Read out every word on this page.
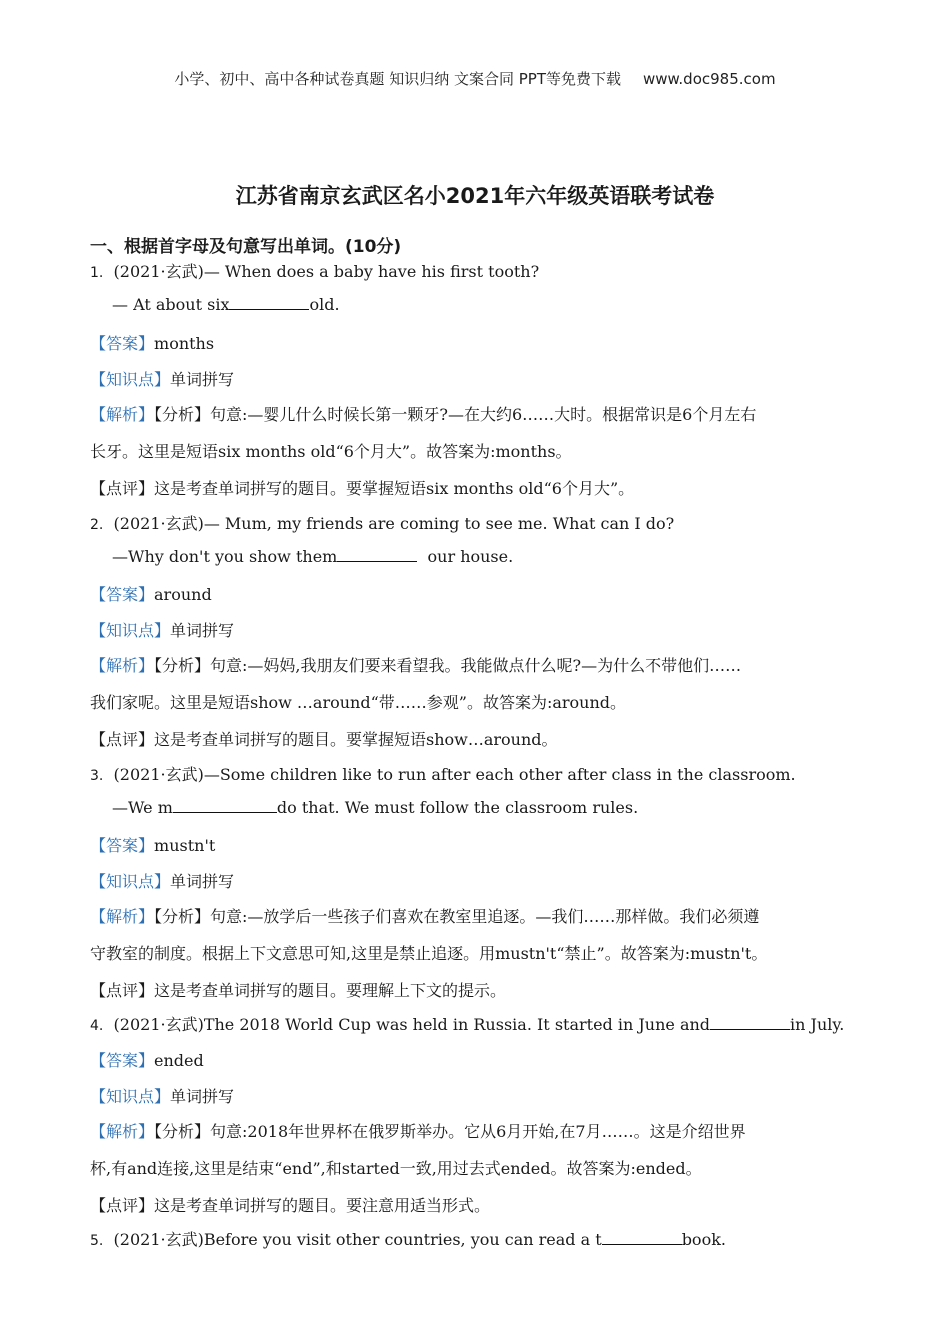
小学、初中、高中各种试卷真题 知识归纳 文案合同 PPT等免费下载 www.doc985.com
江苏省南京玄武区名小2021年六年级英语联考试卷
一、根据首字母及句意写出单词。(10分)
1. (2021·玄武)— When does a baby have his first tooth?
— At about six	old.
【答案】months
【知识点】单词拼写
【解析】【分析】句意:—婴儿什么时候长第一颗牙?—在大约6……大时。根据常识是6个月左右
长牙。这里是短语six months old“6个月大”。故答案为:months。
【点评】这是考查单词拼写的题目。要掌握短语six months old“6个月大”。
2. (2021·玄武)— Mum, my friends are coming to see me. What can I do?
—Why don't you show them	our house.
【答案】around
【知识点】单词拼写
【解析】【分析】句意:—妈妈,我朋友们要来看望我。我能做点什么呢?—为什么不带他们……
我们家呢。这里是短语show …around“带……参观”。故答案为:around。
【点评】这是考查单词拼写的题目。要掌握短语show…around。
3. (2021·玄武)—Some children like to run after each other after class in the classroom.
—We m	do that. We must follow the classroom rules.
【答案】mustn't
【知识点】单词拼写
【解析】【分析】句意:—放学后一些孩子们喜欢在教室里追逐。—我们……那样做。我们必须遵
守教室的制度。根据上下文意思可知,这里是禁止追逐。用mustn't“禁止”。故答案为:mustn't。
【点评】这是考查单词拼写的题目。要理解上下文的提示。
4. (2021·玄武)The 2018 World Cup was held in Russia. It started in June and	in July.
【答案】ended
【知识点】单词拼写
【解析】【分析】句意:2018年世界杯在俄罗斯举办。它从6月开始,在7月……。这是介绍世界
杯,有and连接,这里是结束“end”,和started一致,用过去式ended。故答案为:ended。
【点评】这是考查单词拼写的题目。要注意用适当形式。
5. (2021·玄武)Before you visit other countries, you can read a t	book.
